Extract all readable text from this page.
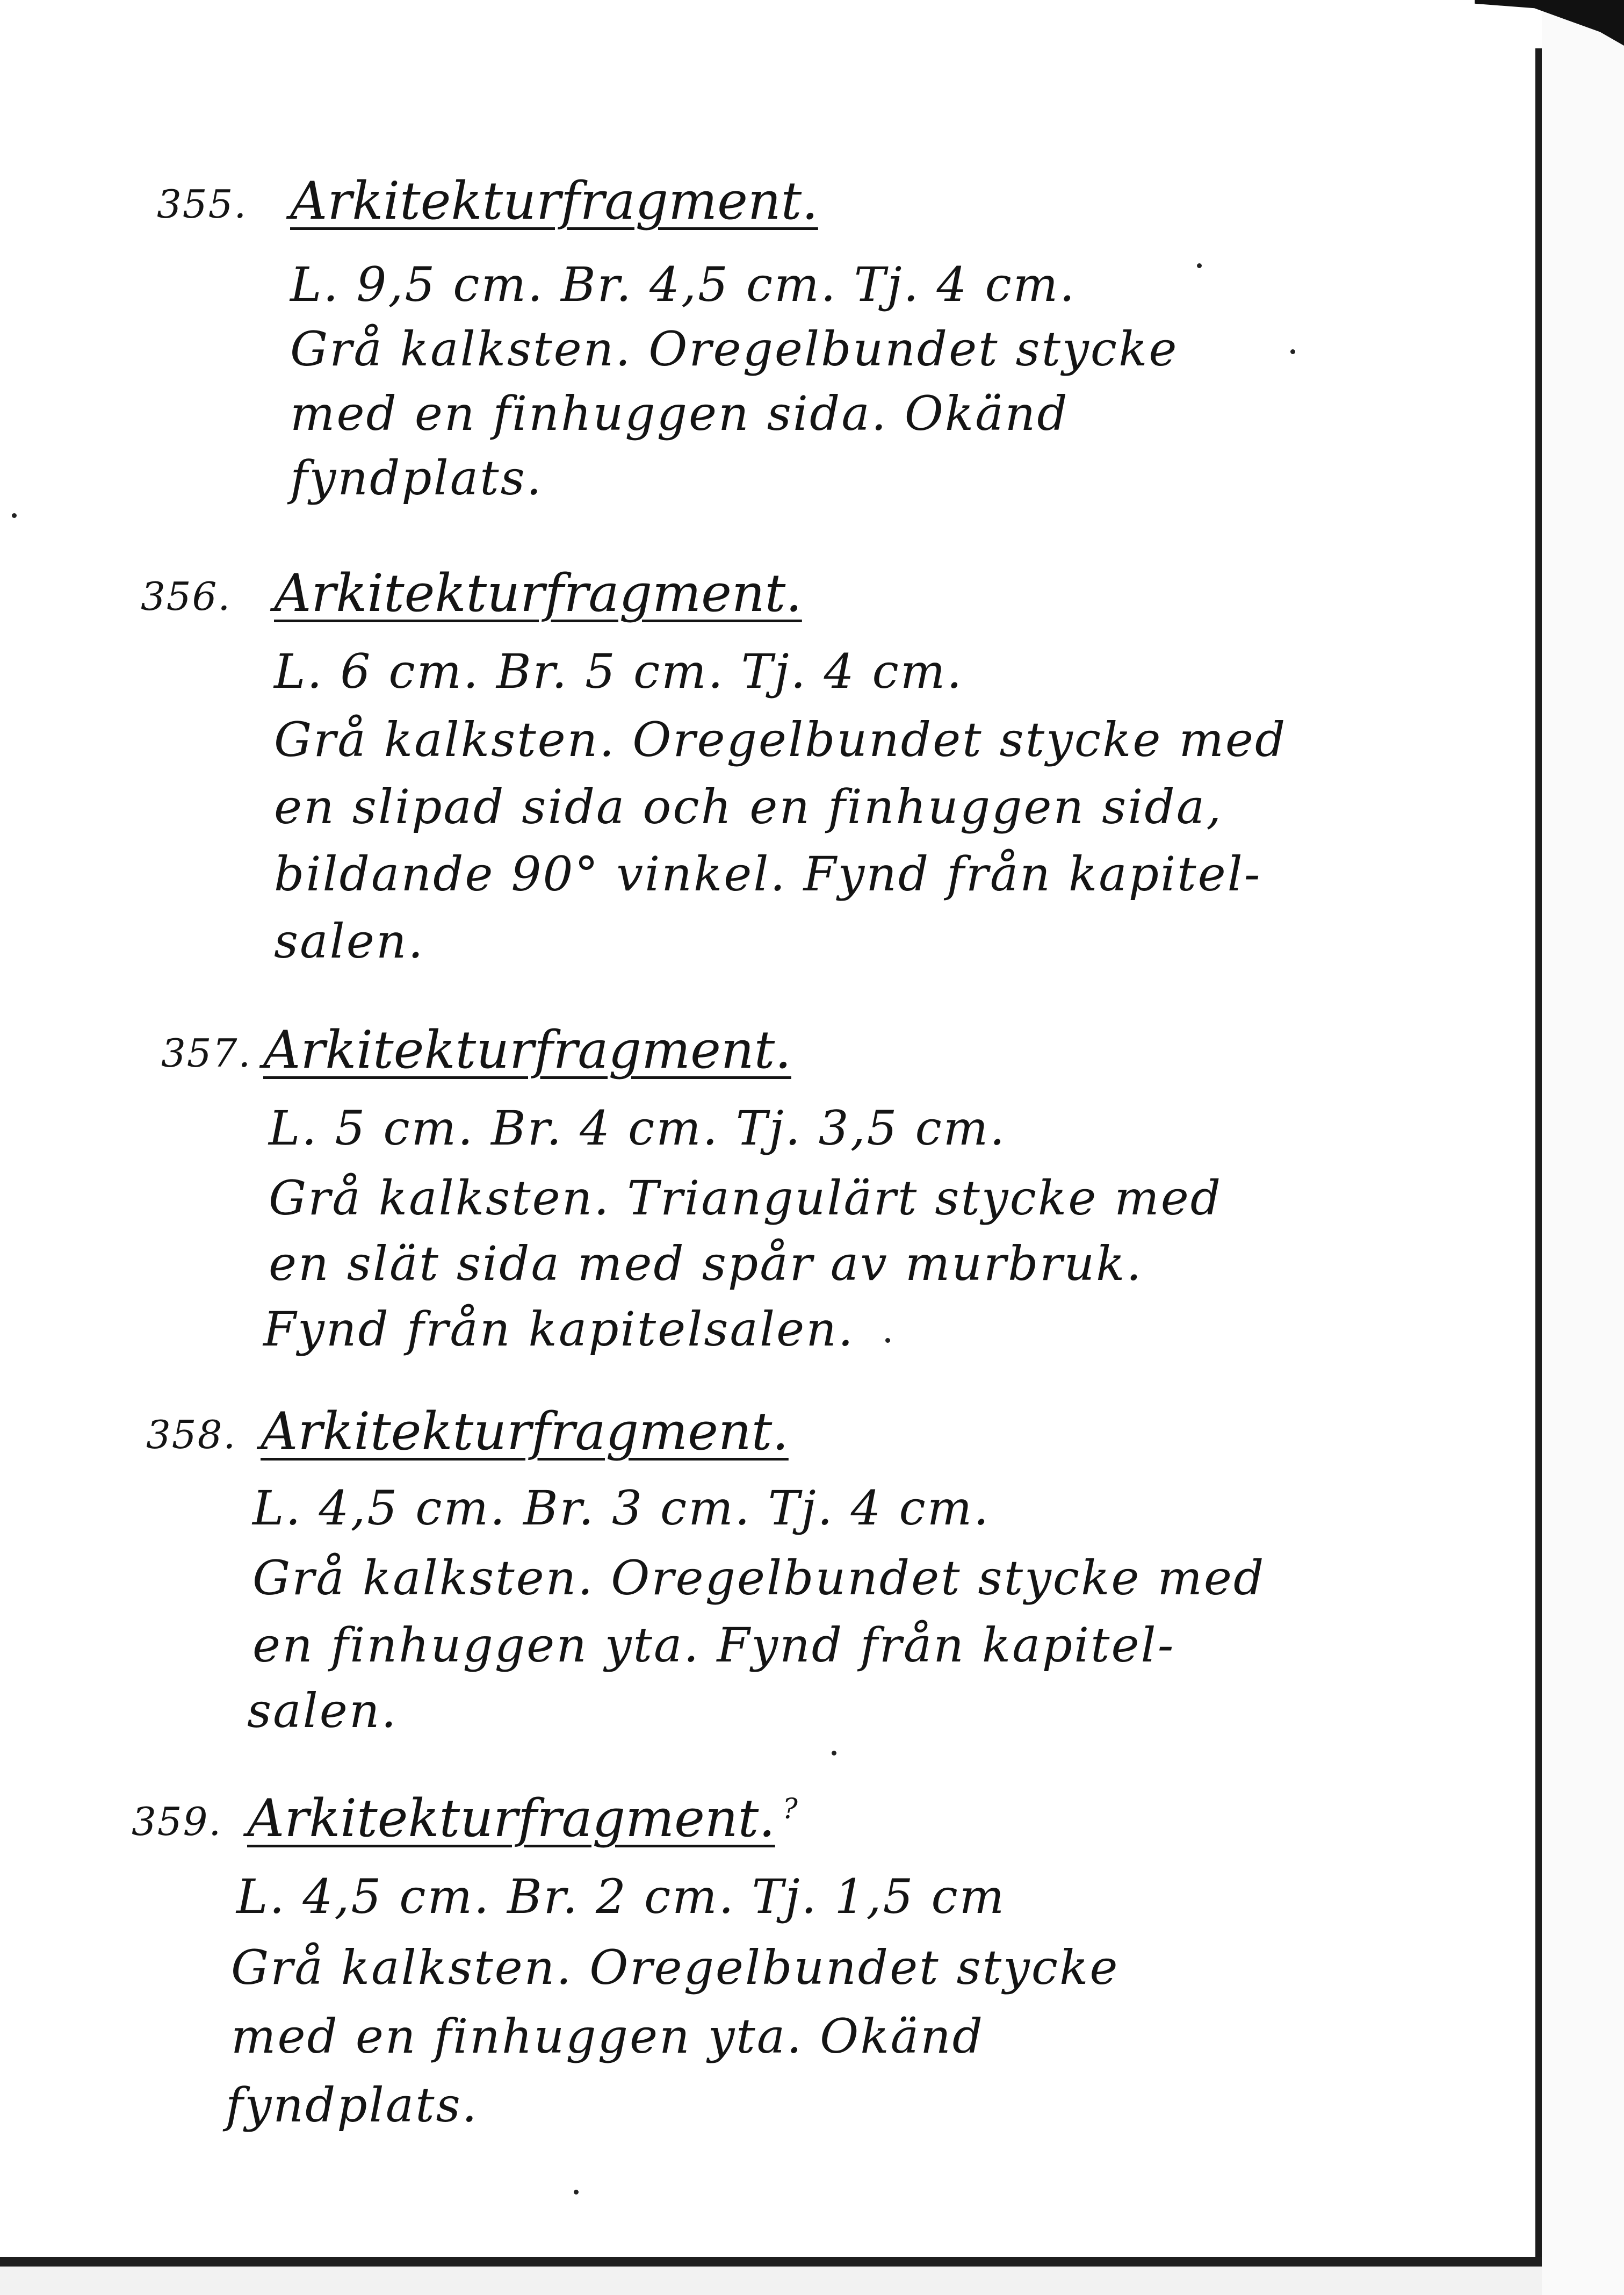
355. Arkitekturfragment.
L. 9,5 cm. Br. 4,5 cm. Tj. 4 cm.
Grå kalksten. Oregelbundet stycke
med en finhuggen sida. Okänd
fyndplats.
356. Arkitekturfragment.
L. 6 cm. Br. 5 cm. Tj. 4 cm.
Grå kalksten. Oregelbundet stycke med
en slipad sida och en finhuggen sida,
bildande 90° vinkel. Fynd från kapitel-
salen.
357. Arkitekturfragment.
L. 5 cm. Br. 4 cm. Tj. 3,5 cm.
Grå kalksten. Triangulärt stycke med
en slät sida med spår av murbruk.
Fynd från kapitelsalen.
358. Arkitekturfragment.
L. 4,5 cm. Br. 3 cm. Tj. 4 cm.
Grå kalksten. Oregelbundet stycke med
en finhuggen yta. Fynd från kapitel-
salen.
359. Arkitekturfragment. ?
L. 4,5 cm. Br. 2 cm. Tj. 1,5 cm
Grå kalksten. Oregelbundet stycke
med en finhuggen yta. Okänd
fyndplats.
